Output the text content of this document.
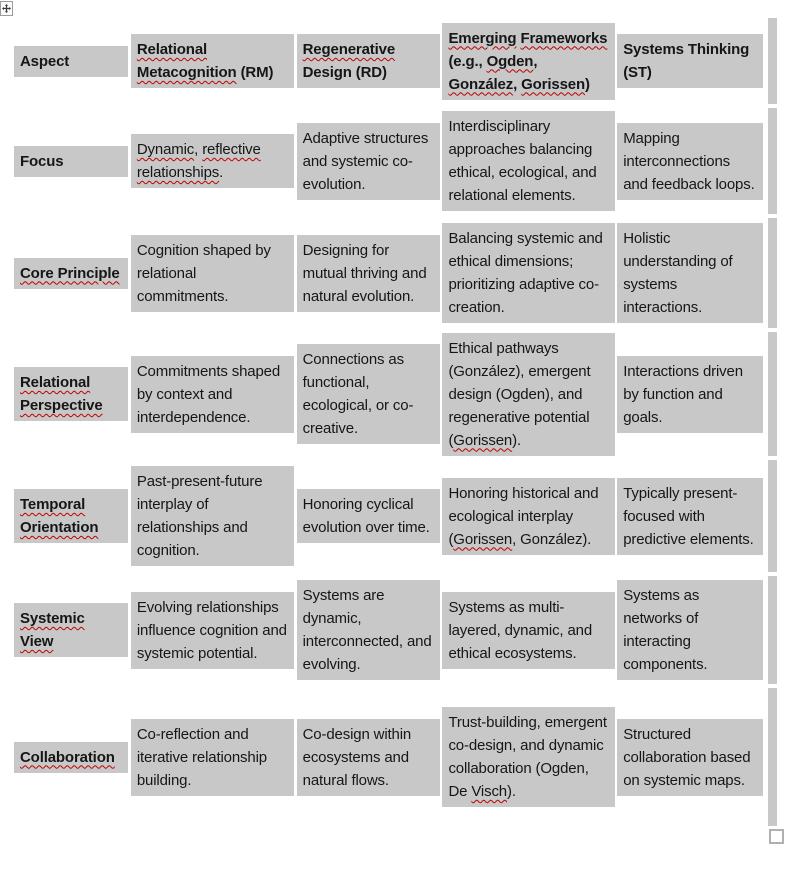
Aspect
Relational Metacognition (RM)
Regenerative Design (RD)
Emerging Frameworks (e.g., Ogden, González, Gorissen)
Systems Thinking (ST)
Focus
Dynamic, reflective relationships.
Adaptive structures and systemic co-evolution.
Interdisciplinary approaches balancing ethical, ecological, and relational elements.
Mapping interconnections and feedback loops.
Core Principle
Cognition shaped by relational commitments.
Designing for mutual thriving and natural evolution.
Balancing systemic and ethical dimensions; prioritizing adaptive co-creation.
Holistic understanding of systems interactions.
Relational Perspective
Commitments shaped by context and interdependence.
Connections as functional, ecological, or co-creative.
Ethical pathways (González), emergent design (Ogden), and regenerative potential (Gorissen).
Interactions driven by function and goals.
Temporal Orientation
Past-present-future interplay of relationships and cognition.
Honoring cyclical evolution over time.
Honoring historical and ecological interplay (Gorissen, González).
Typically present-focused with predictive elements.
Systemic View
Evolving relationships influence cognition and systemic potential.
Systems are dynamic, interconnected, and evolving.
Systems as multi-layered, dynamic, and ethical ecosystems.
Systems as networks of interacting components.
Collaboration
Co-reflection and iterative relationship building.
Co-design within ecosystems and natural flows.
Trust-building, emergent co-design, and dynamic collaboration (Ogden, De Visch).
Structured collaboration based on systemic maps.
